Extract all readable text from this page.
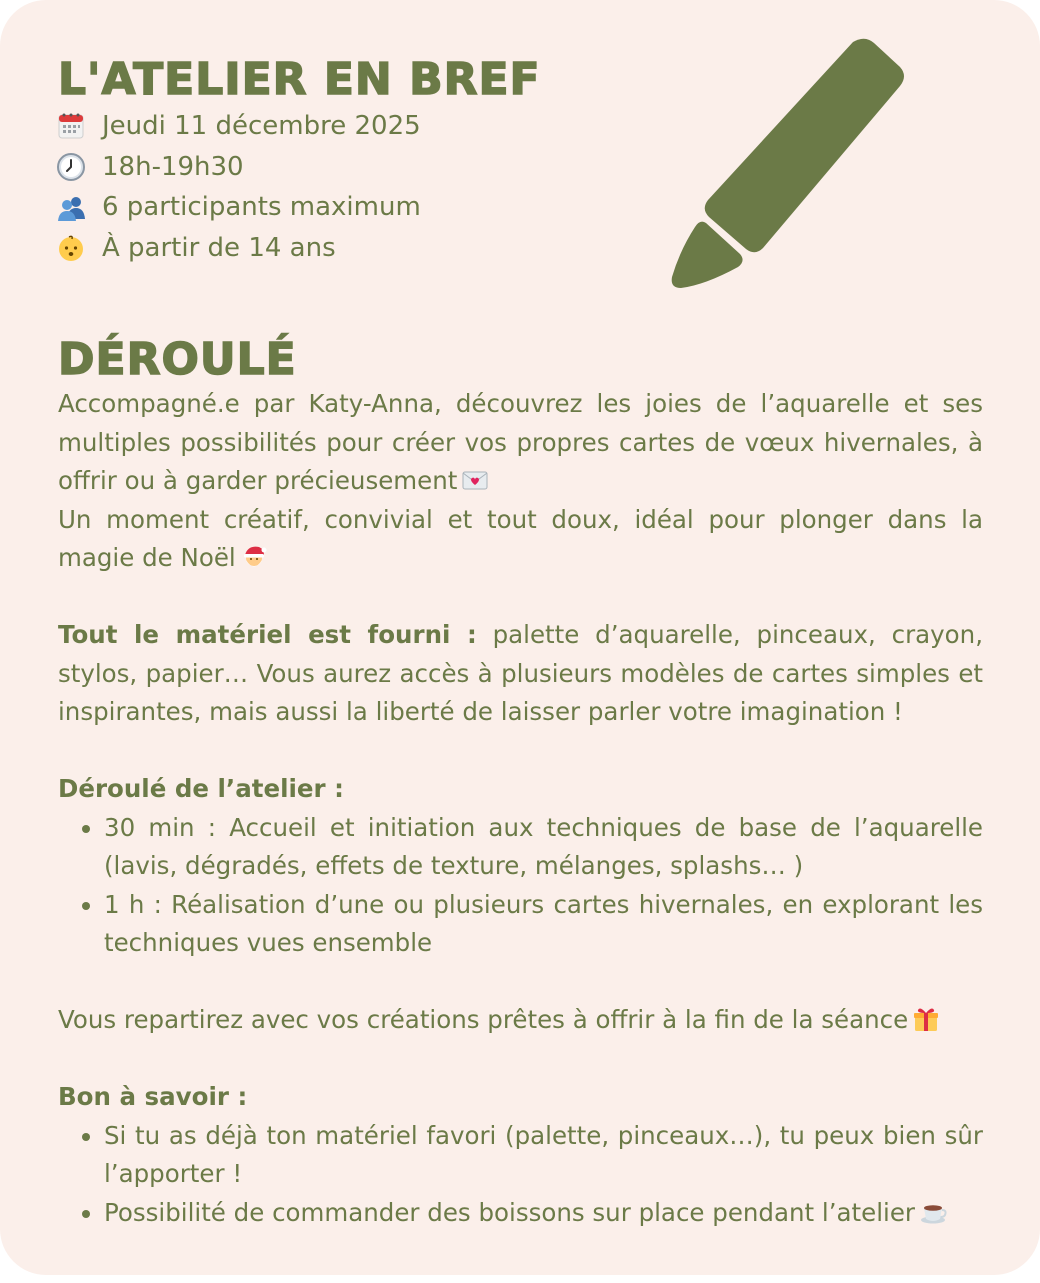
L'ATELIER EN BREF
Jeudi 11 décembre 2025
18h-19h30
6 participants maximum
À partir de 14 ans
DÉROULÉ

Accompagné.e par Katy-Anna, découvrez les joies de l’aquarelle et ses multiples possibilités pour créer vos propres cartes de vœux hivernales, à offrir ou à garder précieusement

Un moment créatif, convivial et tout doux, idéal pour plonger dans la magie de Noël

Tout le matériel est fourni : palette d’aquarelle, pinceaux, crayon, stylos, papier… Vous aurez accès à plusieurs modèles de cartes simples et inspirantes, mais aussi la liberté de laisser parler votre imagination !

Déroulé de l’atelier :

• 30 min : Accueil et initiation aux techniques de base de l’aquarelle (lavis, dégradés, effets de texture, mélanges, splashs… )
• 1 h : Réalisation d’une ou plusieurs cartes hivernales, en explorant les techniques vues ensemble

Vous repartirez avec vos créations prêtes à offrir à la fin de la séance

Bon à savoir :

• Si tu as déjà ton matériel favori (palette, pinceaux…), tu peux bien sûr l’apporter !
• Possibilité de commander des boissons sur place pendant l’atelier
